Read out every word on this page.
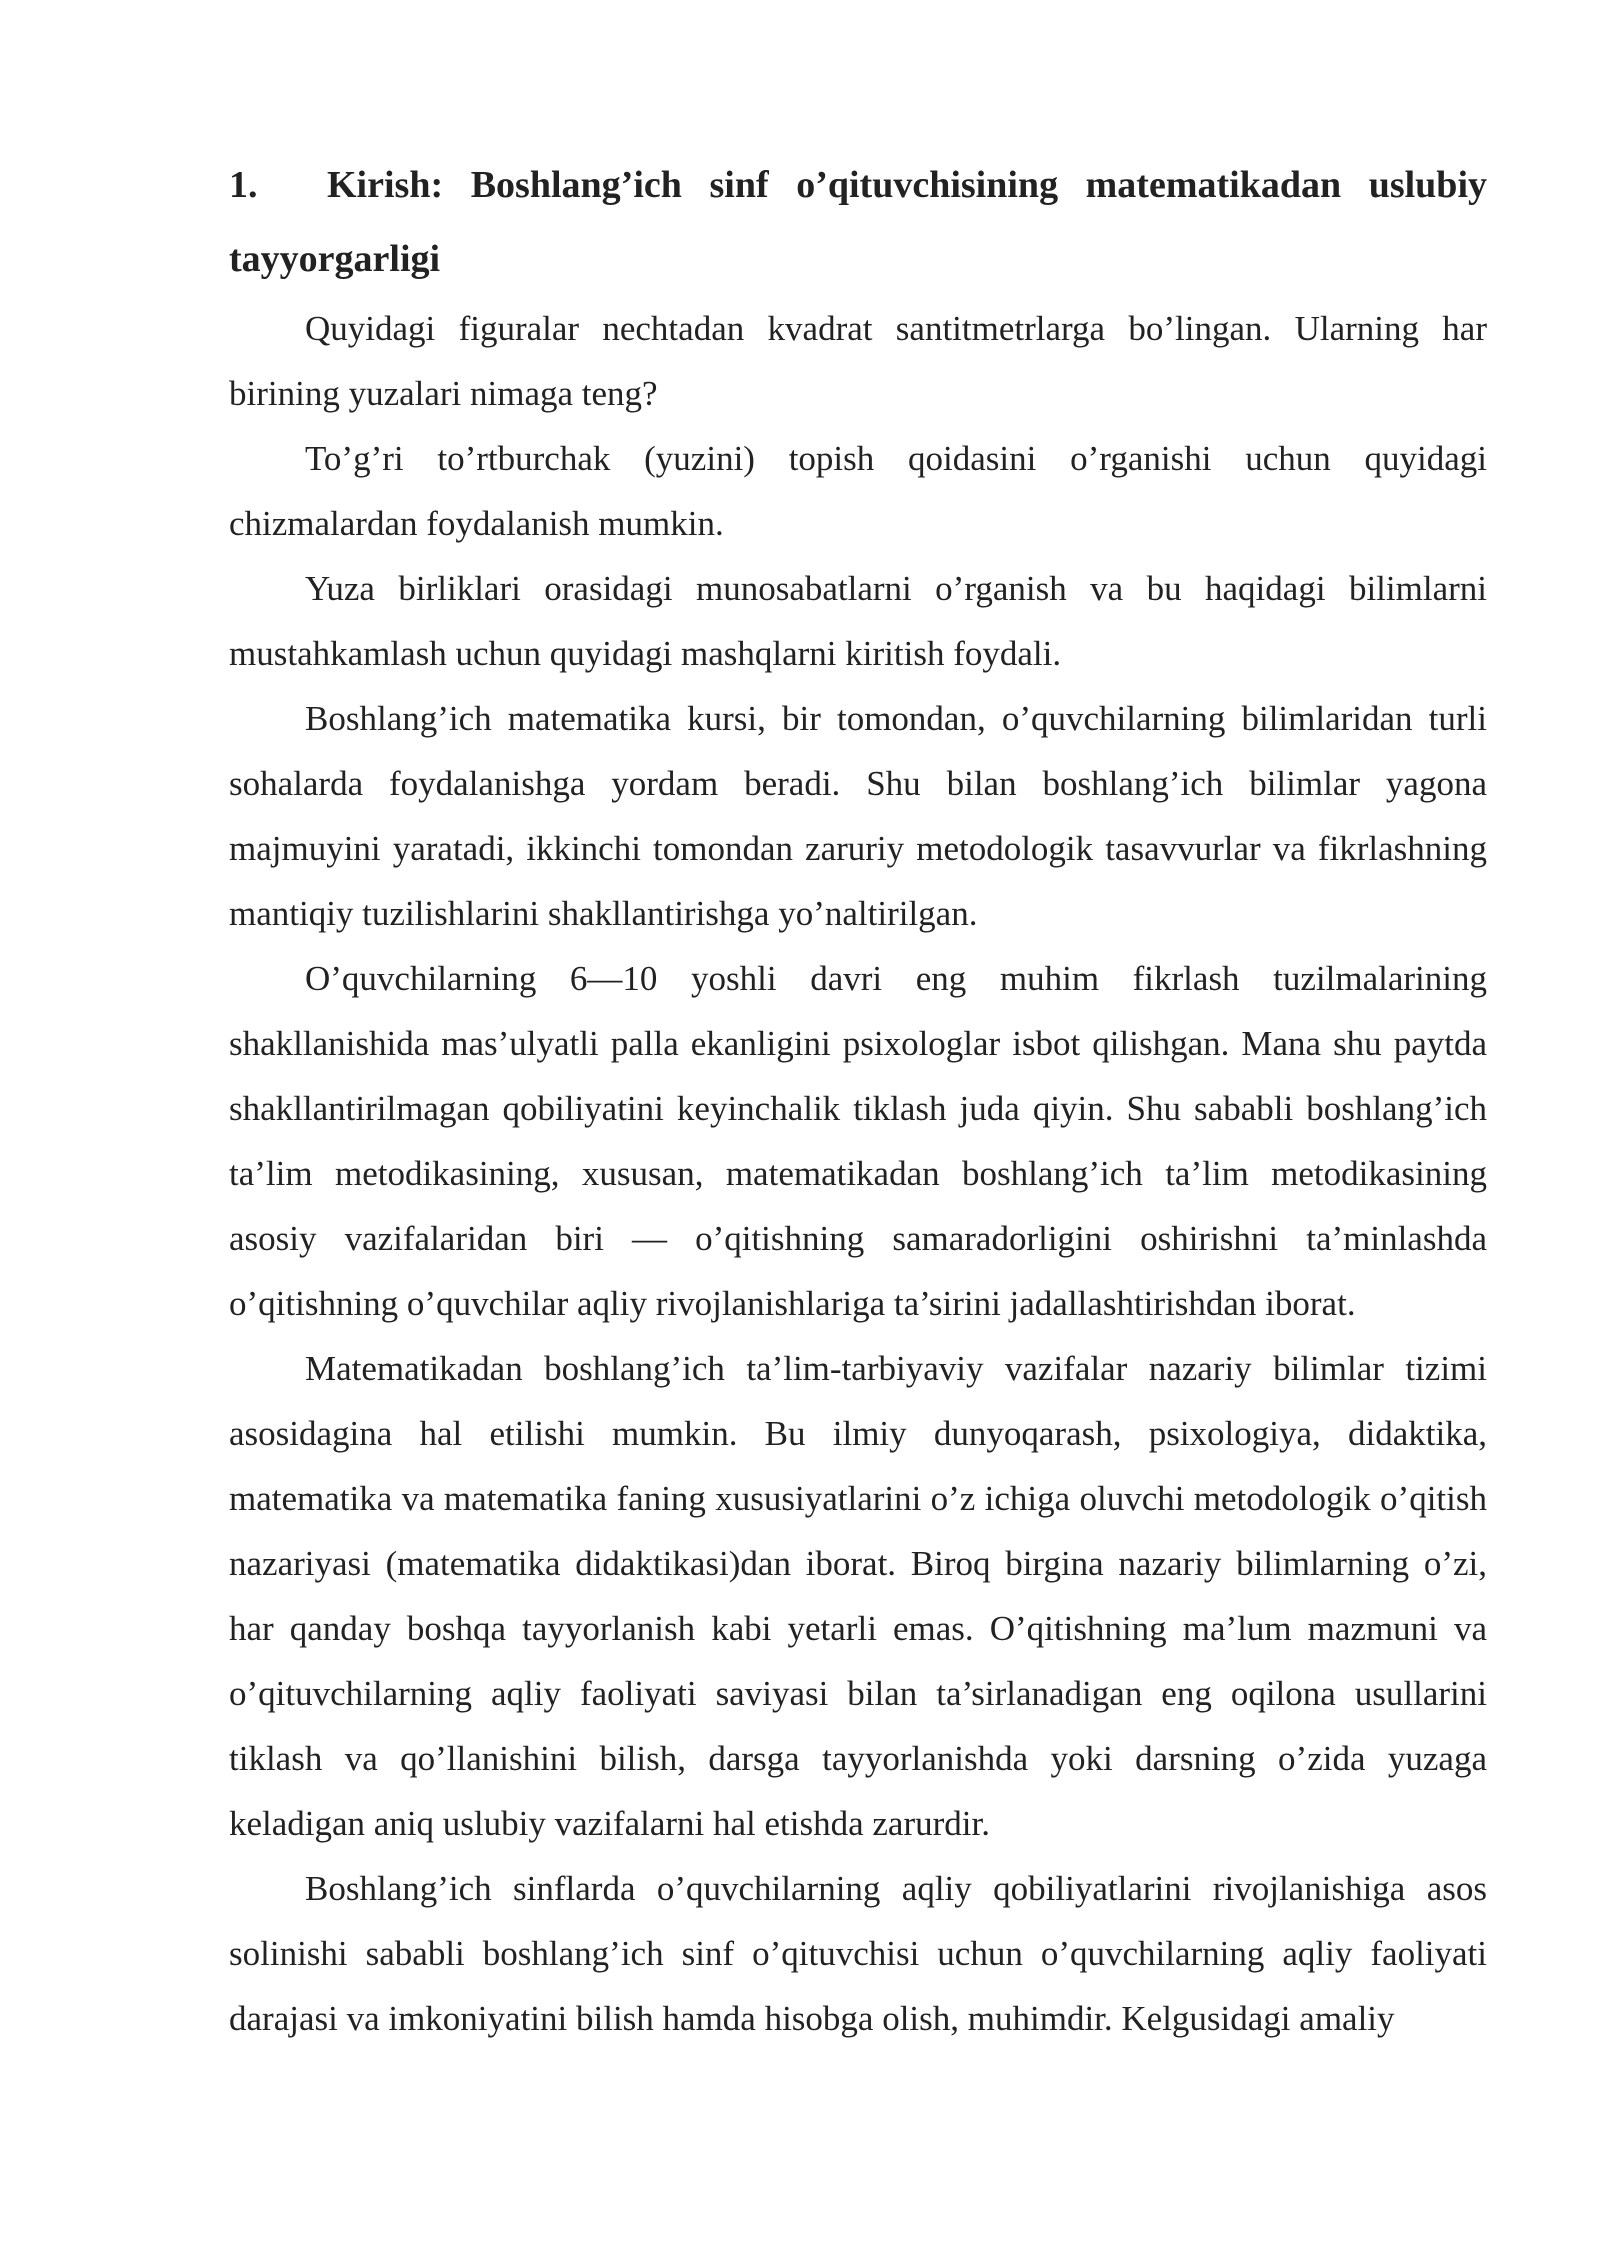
1. Kirish: Boshlang’ich sinf o’qituvchisining matematikadan uslubiy tayyorgarligi

Quyidagi figuralar nechtadan kvadrat santitmetrlarga bo’lingan. Ularning har birining yuzalari nimaga teng?

To’g’ri to’rtburchak (yuzini) topish qoidasini o’rganishi uchun quyidagi chizmalardan foydalanish mumkin.

Yuza birliklari orasidagi munosabatlarni o’rganish va bu haqidagi bilimlarni mustahkamlash uchun quyidagi mashqlarni kiritish foydali.

Boshlang’ich matematika kursi, bir tomondan, o’quvchilarning bilimlaridan turli sohalarda foydalanishga yordam beradi. Shu bilan boshlang’ich bilimlar yagona majmuyini yaratadi, ikkinchi tomondan zaruriy metodologik tasavvurlar va fikrlashning mantiqiy tuzilishlarini shakllantirishga yo’naltirilgan.

O’quvchilarning 6—10 yoshli davri eng muhim fikrlash tuzilmalarining shakllanishida mas’ulyatli palla ekanligini psixologlar isbot qilishgan. Mana shu paytda shakllantirilmagan qobiliyatini keyinchalik tiklash juda qiyin. Shu sababli boshlang’ich ta’lim metodikasining, xususan, matematikadan boshlang’ich ta’lim metodikasining asosiy vazifalaridan biri — o’qitishning samaradorligini oshirishni ta’minlashda o’qitishning o’quvchilar aqliy rivojlanishlariga ta’sirini jadallashtirishdan iborat.

Matematikadan boshlang’ich ta’lim-tarbiyaviy vazifalar nazariy bilimlar tizimi asosidagina hal etilishi mumkin. Bu ilmiy dunyoqarash, psixologiya, didaktika, matematika va matematika faning xususiyatlarini o’z ichiga oluvchi metodologik o’qitish nazariyasi (matematika didaktikasi)dan iborat. Biroq birgina nazariy bilimlarning o’zi, har qanday boshqa tayyorlanish kabi yetarli emas. O’qitishning ma’lum mazmuni va o’qituvchilarning aqliy faoliyati saviyasi bilan ta’sirlanadigan eng oqilona usullarini tiklash va qo’llanishini bilish, darsga tayyorlanishda yoki darsning o’zida yuzaga keladigan aniq uslubiy vazifalarni hal etishda zarurdir.

Boshlang’ich sinflarda o’quvchilarning aqliy qobiliyatlarini rivojlanishiga asos solinishi sababli boshlang’ich sinf o’qituvchisi uchun o’quvchilarning aqliy faoliyati darajasi va imkoniyatini bilish hamda hisobga olish, muhimdir. Kelgusidagi amaliy
